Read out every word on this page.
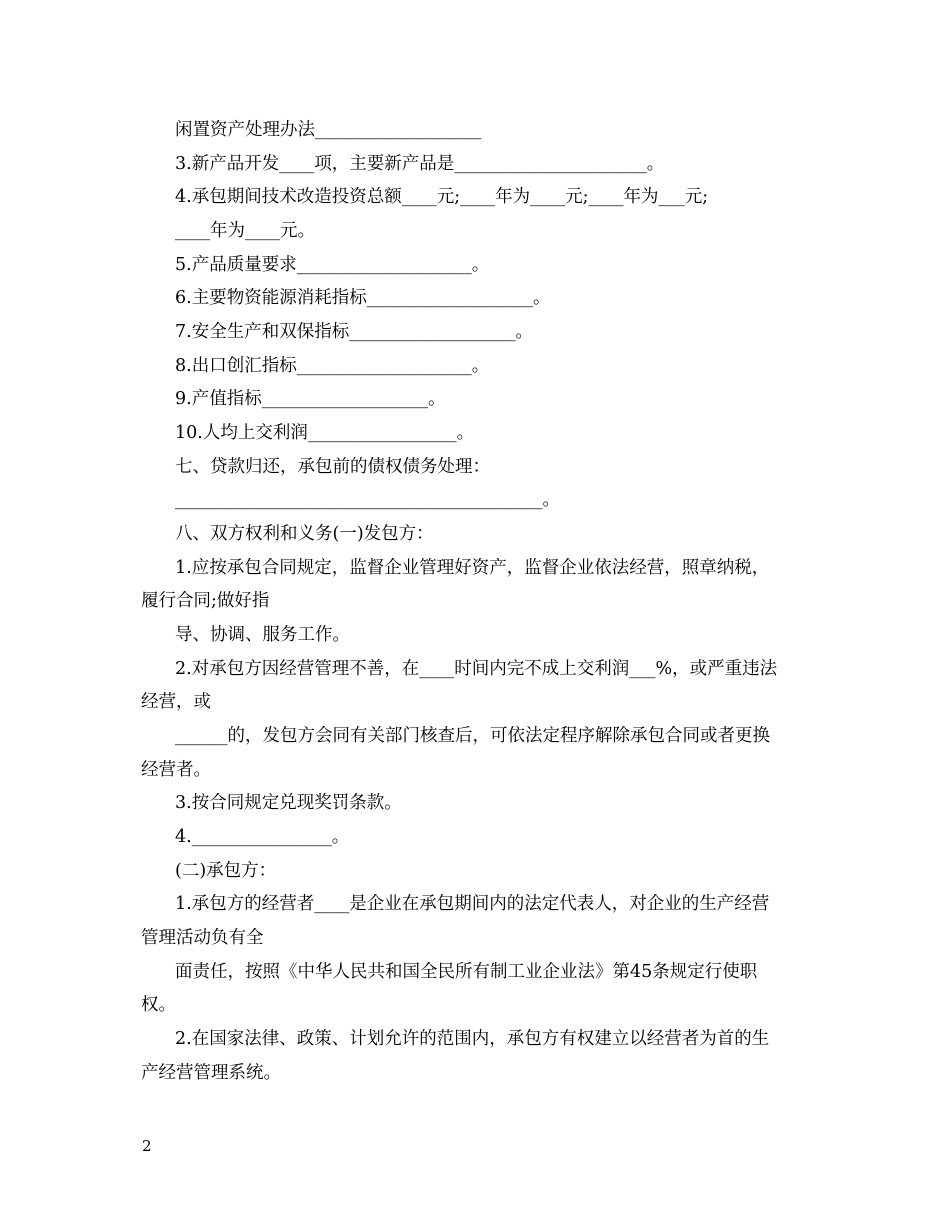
闲置资产处理办法___________________
3.新产品开发____项，主要新产品是______________________。
4.承包期间技术改造投资总额____元;____年为____元;____年为___元;
____年为____元。
5.产品质量要求____________________。
6.主要物资能源消耗指标___________________。
7.安全生产和双保指标___________________。
8.出口创汇指标____________________。
9.产值指标___________________。
10.人均上交利润_________________。
七、贷款归还，承包前的债权债务处理：
__________________________________________。
八、双方权利和义务(一)发包方：
1.应按承包合同规定，监督企业管理好资产，监督企业依法经营，照章纳税，
履行合同;做好指
导、协调、服务工作。
2.对承包方因经营管理不善，在____时间内完不成上交利润___%，或严重违法
经营，或
______的，发包方会同有关部门核查后，可依法定程序解除承包合同或者更换
经营者。
3.按合同规定兑现奖罚条款。
4.________________。
(二)承包方：
1.承包方的经营者____是企业在承包期间内的法定代表人，对企业的生产经营
管理活动负有全
面责任，按照《中华人民共和国全民所有制工业企业法》第45条规定行使职
权。
2.在国家法律、政策、计划允许的范围内，承包方有权建立以经营者为首的生
产经营管理系统。
2
